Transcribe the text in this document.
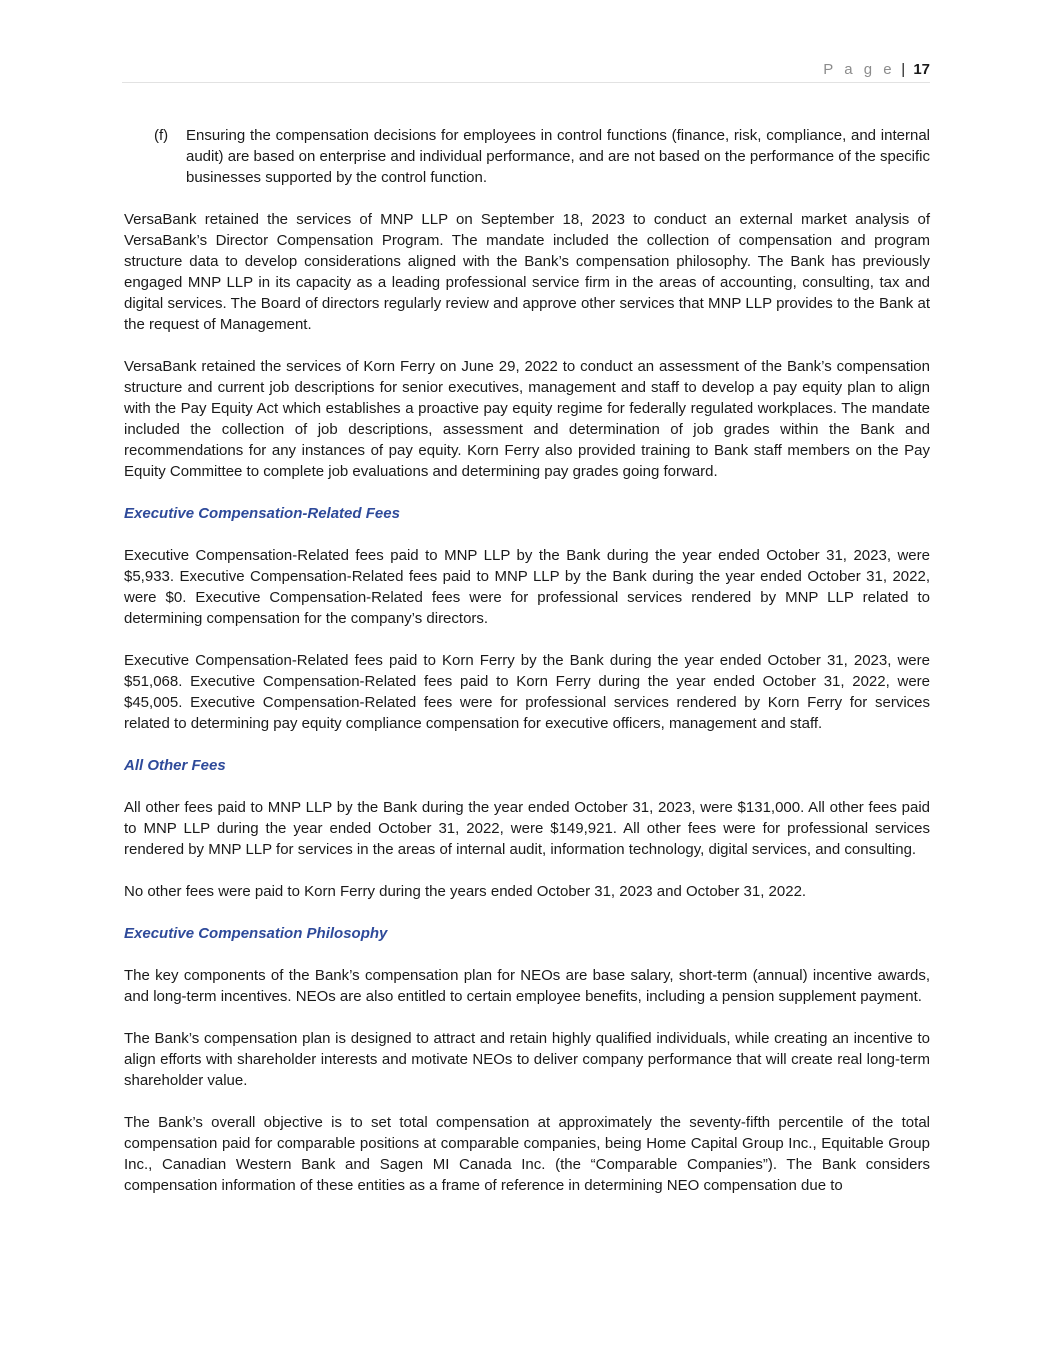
P a g e | 17
(f)	Ensuring the compensation decisions for employees in control functions (finance, risk, compliance, and internal audit) are based on enterprise and individual performance, and are not based on the performance of the specific businesses supported by the control function.

VersaBank retained the services of MNP LLP on September 18, 2023 to conduct an external market analysis of VersaBank’s Director Compensation Program. The mandate included the collection of compensation and program structure data to develop considerations aligned with the Bank’s compensation philosophy. The Bank has previously engaged MNP LLP in its capacity as a leading professional service firm in the areas of accounting, consulting, tax and digital services. The Board of directors regularly review and approve other services that MNP LLP provides to the Bank at the request of Management.

VersaBank retained the services of Korn Ferry on June 29, 2022 to conduct an assessment of the Bank’s compensation structure and current job descriptions for senior executives, management and staff to develop a pay equity plan to align with the Pay Equity Act which establishes a proactive pay equity regime for federally regulated workplaces. The mandate included the collection of job descriptions, assessment and determination of job grades within the Bank and recommendations for any instances of pay equity. Korn Ferry also provided training to Bank staff members on the Pay Equity Committee to complete job evaluations and determining pay grades going forward.

Executive Compensation-Related Fees

Executive Compensation-Related fees paid to MNP LLP by the Bank during the year ended October 31, 2023, were $5,933. Executive Compensation-Related fees paid to MNP LLP by the Bank during the year ended October 31, 2022, were $0. Executive Compensation-Related fees were for professional services rendered by MNP LLP related to determining compensation for the company’s directors.

Executive Compensation-Related fees paid to Korn Ferry by the Bank during the year ended October 31, 2023, were $51,068. Executive Compensation-Related fees paid to Korn Ferry during the year ended October 31, 2022, were $45,005. Executive Compensation-Related fees were for professional services rendered by Korn Ferry for services related to determining pay equity compliance compensation for executive officers, management and staff.

All Other Fees

All other fees paid to MNP LLP by the Bank during the year ended October 31, 2023, were $131,000. All other fees paid to MNP LLP during the year ended October 31, 2022, were $149,921. All other fees were for professional services rendered by MNP LLP for services in the areas of internal audit, information technology, digital services, and consulting.

No other fees were paid to Korn Ferry during the years ended October 31, 2023 and October 31, 2022.

Executive Compensation Philosophy

The key components of the Bank’s compensation plan for NEOs are base salary, short-term (annual) incentive awards, and long-term incentives. NEOs are also entitled to certain employee benefits, including a pension supplement payment.

The Bank’s compensation plan is designed to attract and retain highly qualified individuals, while creating an incentive to align efforts with shareholder interests and motivate NEOs to deliver company performance that will create real long-term shareholder value.

The Bank’s overall objective is to set total compensation at approximately the seventy-fifth percentile of the total compensation paid for comparable positions at comparable companies, being Home Capital Group Inc., Equitable Group Inc., Canadian Western Bank and Sagen MI Canada Inc. (the “Comparable Companies”). The Bank considers compensation information of these entities as a frame of reference in determining NEO compensation due to
